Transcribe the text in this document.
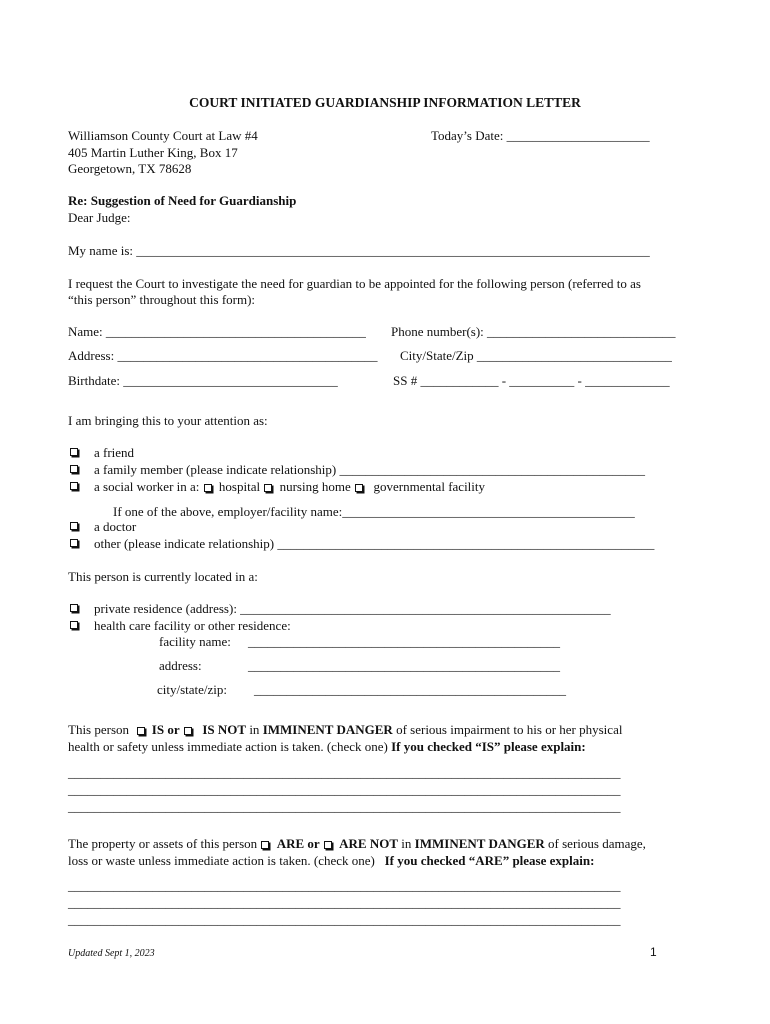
COURT INITIATED GUARDIANSHIP INFORMATION LETTER
Williamson County Court at Law #4
405 Martin Luther King, Box 17
Georgetown, TX 78628
Today’s Date: ______________________
Re: Suggestion of Need for Guardianship
Dear Judge:
My name is: _______________________________________________________________________________
I request the Court to investigate the need for guardian to be appointed for the following person (referred to as
“this person” throughout this form):
Name: ________________________________________ Phone number(s): _____________________________
Address: ________________________________________ City/State/Zip ______________________________
Birthdate: _________________________________	SS # ____________ - __________ - _____________
I am bringing this to your attention as:
a friend
a family member (please indicate relationship) _______________________________________________
a social worker in a: hospital nursing home governmental facility
If one of the above, employer/facility name:_____________________________________________
a doctor
other (please indicate relationship) __________________________________________________________
This person is currently located in a:
private residence (address): _________________________________________________________
health care facility or other residence:
facility name: ________________________________________________
address:	________________________________________________
city/state/zip: ________________________________________________
This person IS or IS NOT in IMMINENT DANGER of serious impairment to his or her physical
health or safety unless immediate action is taken. (check one) If you checked “IS” please explain:
_____________________________________________________________________________________
_____________________________________________________________________________________
_____________________________________________________________________________________
The property or assets of this person ARE or ARE NOT in IMMINENT DANGER of serious damage,
loss or waste unless immediate action is taken. (check one) If you checked “ARE” please explain:
_____________________________________________________________________________________
_____________________________________________________________________________________
_____________________________________________________________________________________
Updated Sept 1, 2023	1
